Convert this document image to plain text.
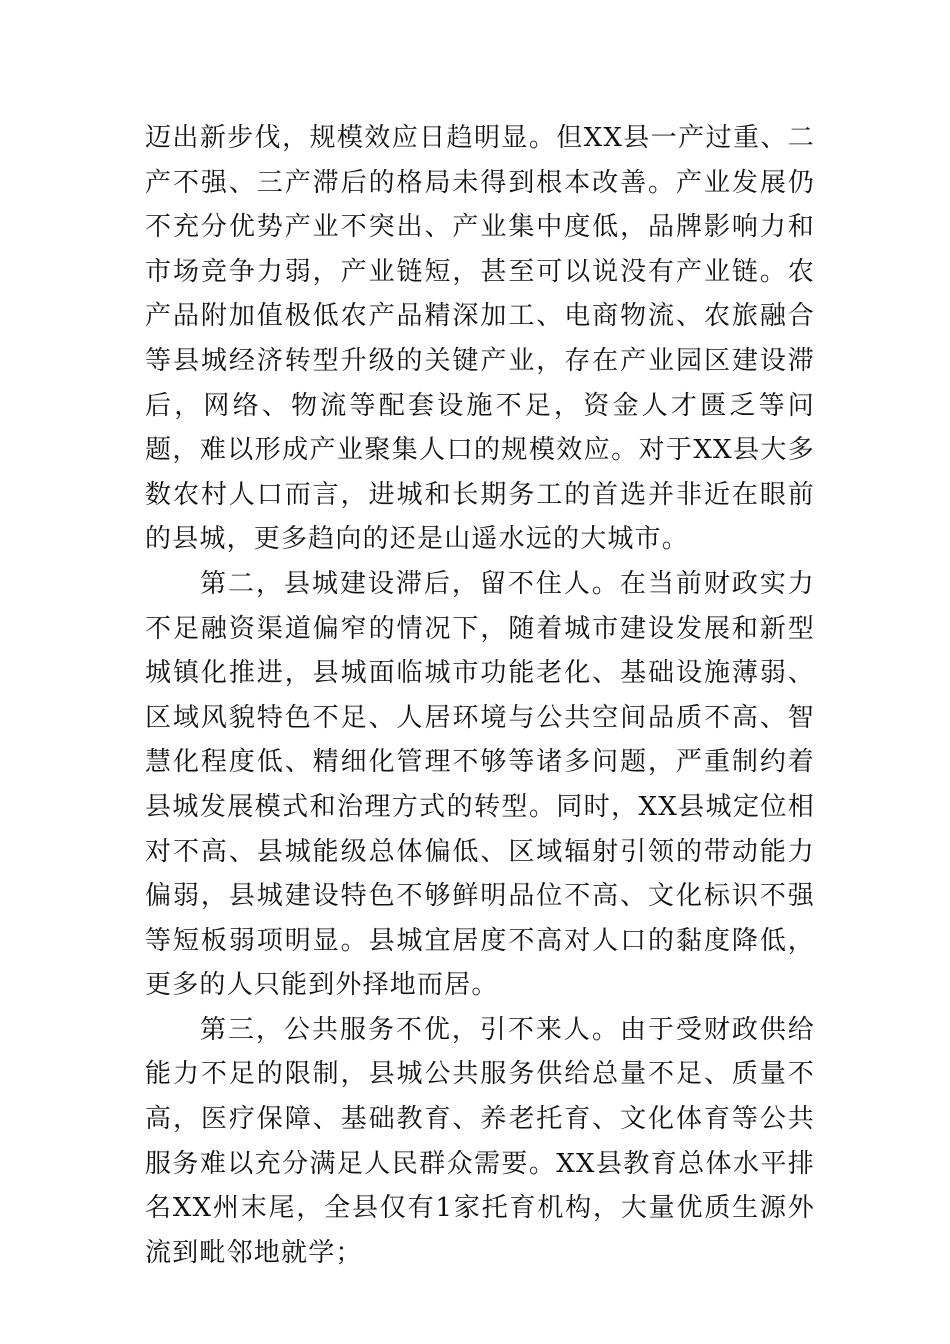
迈出新步伐，规模效应日趋明显。但XX县一产过重、二产不强、三产滞后的格局未得到根本改善。产业发展仍不充分优势产业不突出、产业集中度低，品牌影响力和市场竞争力弱，产业链短，甚至可以说没有产业链。农产品附加值极低农产品精深加工、电商物流、农旅融合等县城经济转型升级的关键产业，存在产业园区建设滞后，网络、物流等配套设施不足，资金人才匮乏等问题，难以形成产业聚集人口的规模效应。对于XX县大多数农村人口而言，进城和长期务工的首选并非近在眼前的县城，更多趋向的还是山遥水远的大城市。

第二，县城建设滞后，留不住人。在当前财政实力不足融资渠道偏窄的情况下，随着城市建设发展和新型城镇化推进，县城面临城市功能老化、基础设施薄弱、区域风貌特色不足、人居环境与公共空间品质不高、智慧化程度低、精细化管理不够等诸多问题，严重制约着县城发展模式和治理方式的转型。同时，XX县城定位相对不高、县城能级总体偏低、区域辐射引领的带动能力偏弱，县城建设特色不够鲜明品位不高、文化标识不强等短板弱项明显。县城宜居度不高对人口的黏度降低，更多的人只能到外择地而居。

第三，公共服务不优，引不来人。由于受财政供给能力不足的限制，县城公共服务供给总量不足、质量不高，医疗保障、基础教育、养老托育、文化体育等公共服务难以充分满足人民群众需要。XX县教育总体水平排名XX州末尾，全县仅有1家托育机构，大量优质生源外流到毗邻地就学；
